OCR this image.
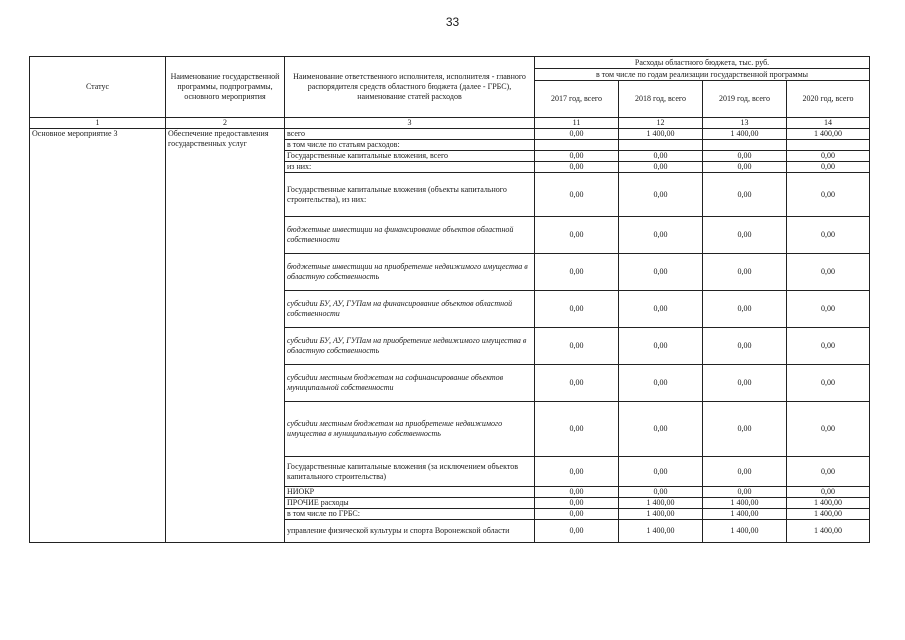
33
Статус	Наименование государственной программы, подпрограммы, основного мероприятия	Наименование ответственного исполнителя, исполнителя - главного распорядителя средств областного бюджета (далее - ГРБС), наименование статей расходов	Расходы областного бюджета, тыс. руб.			
			в том числе по годам реализации государственной программы			
			2017 год, всего	2018 год, всего	2019 год, всего	2020 год, всего
1	2	3	11	12	13	14
Основное мероприятие 3	Обеспечение предоставления государственных услуг	всего	0,00	1 400,00	1 400,00	1 400,00
		в том числе по статьям расходов:				
		Государственные капитальные вложения, всего	0,00	0,00	0,00	0,00
		из них:	0,00	0,00	0,00	0,00
		Государственные капитальные вложения (объекты капитального строительства), из них:	0,00	0,00	0,00	0,00
		бюджетные инвестиции на финансирование объектов областной собственности	0,00	0,00	0,00	0,00
		бюджетные инвестиции на приобретение недвижимого имущества в областную собственность	0,00	0,00	0,00	0,00
		субсидии БУ, АУ, ГУПам на финансирование объектов областной собственности	0,00	0,00	0,00	0,00
		субсидии БУ, АУ, ГУПам на приобретение недвижимого имущества в областную собственность	0,00	0,00	0,00	0,00
		субсидии местным бюджетам на софинансирование объектов муниципальной собственности	0,00	0,00	0,00	0,00
		субсидии местным бюджетам на приобретение недвижимого имущества в муниципальную собственность	0,00	0,00	0,00	0,00
		Государственные капитальные вложения (за исключением объектов капитального строительства)	0,00	0,00	0,00	0,00
		НИОКР	0,00	0,00	0,00	0,00
		ПРОЧИЕ расходы	0,00	1 400,00	1 400,00	1 400,00
		в том числе по ГРБС:	0,00	1 400,00	1 400,00	1 400,00
		управление физической культуры и спорта Воронежской области	0,00	1 400,00	1 400,00	1 400,00
